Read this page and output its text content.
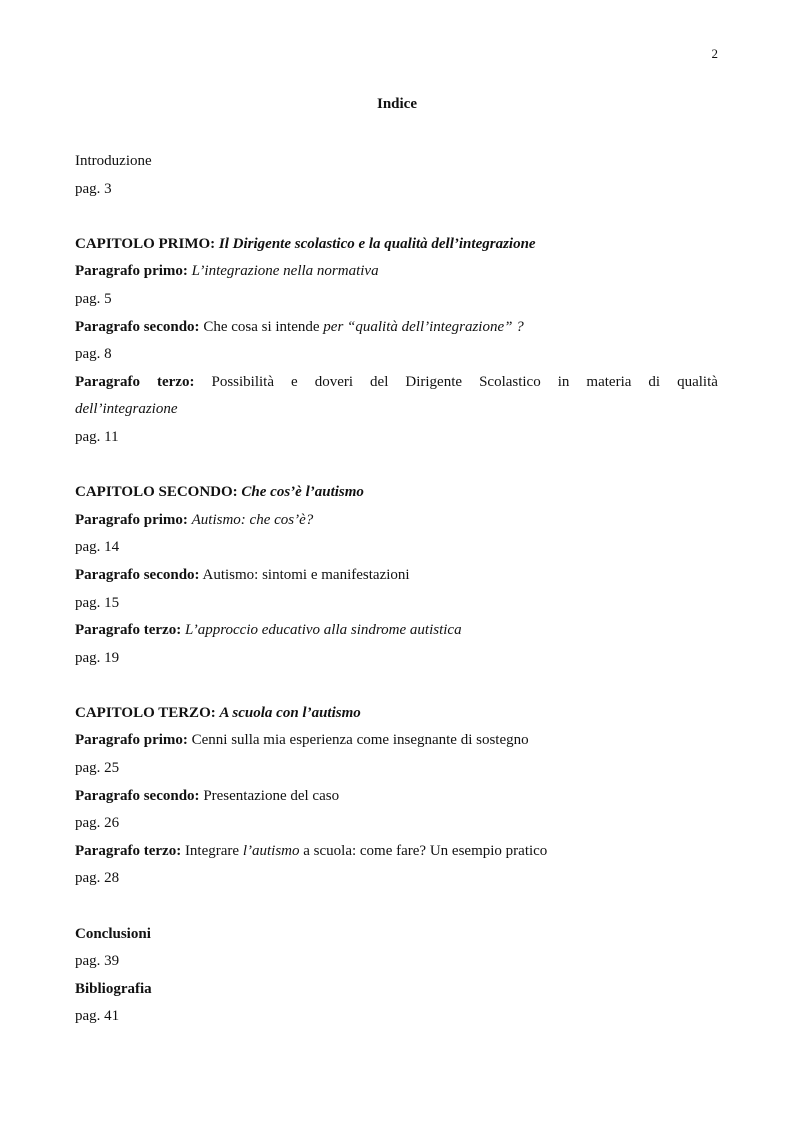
2
Indice
Introduzione
pag. 3
CAPITOLO PRIMO: Il Dirigente scolastico e la qualità dell’integrazione
Paragrafo primo: L’integrazione nella normativa
pag. 5
Paragrafo secondo: Che cosa si intende per “qualità dell’integrazione” ?
pag. 8
Paragrafo terzo: Possibilità e doveri del Dirigente Scolastico in materia di qualità
dell’integrazione
pag. 11
CAPITOLO SECONDO: Che cos’è l’autismo
Paragrafo primo: Autismo: che cos’è?
pag. 14
Paragrafo secondo: Autismo: sintomi e manifestazioni
pag. 15
Paragrafo terzo: L’approccio educativo alla sindrome autistica
pag. 19
CAPITOLO TERZO: A scuola con l’autismo
Paragrafo primo: Cenni sulla mia esperienza come insegnante di sostegno
pag. 25
Paragrafo secondo: Presentazione del caso
pag. 26
Paragrafo terzo: Integrare l’autismo a scuola: come fare? Un esempio pratico
pag. 28
Conclusioni
pag. 39
Bibliografia
pag. 41
